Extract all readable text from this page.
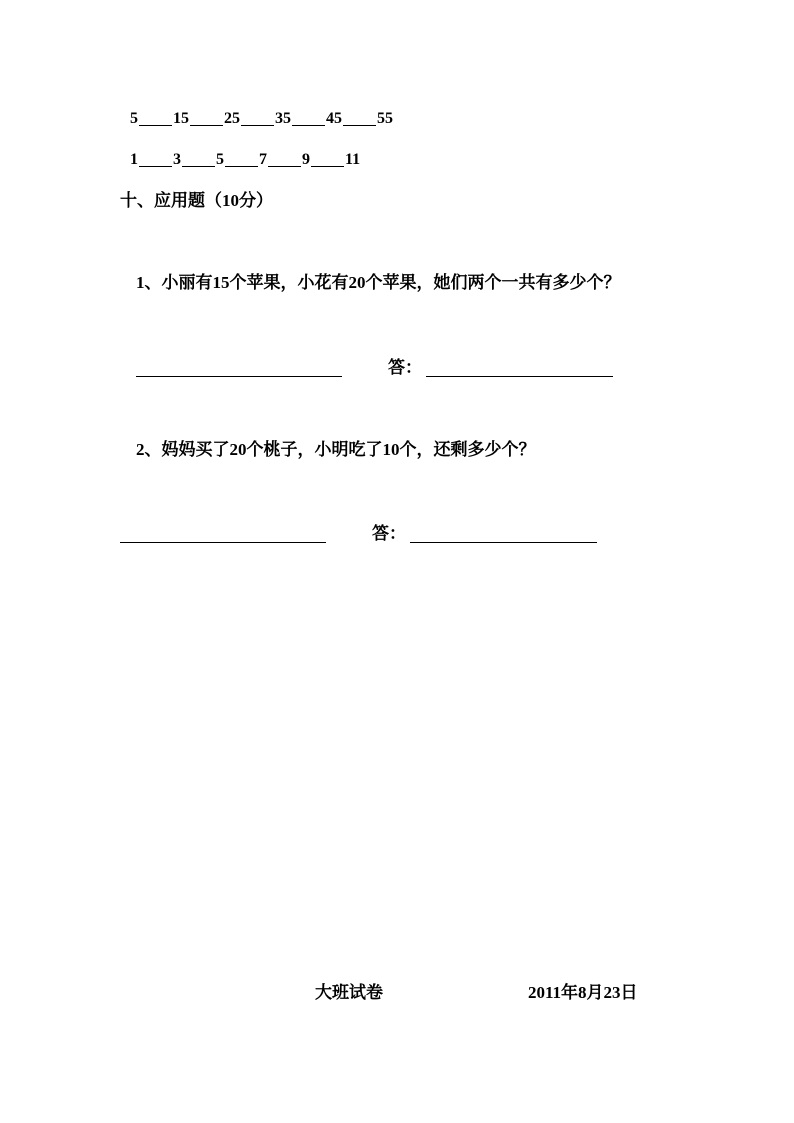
5 15 25 35 45 55
1 3 5 7 9 11
十、应用题（10分）
1、小丽有15个苹果，小花有20个苹果，她们两个一共有多少个？
答：
2、妈妈买了20个桃子，小明吃了10个，还剩多少个？
答：
大班试卷	2011年8月23日
